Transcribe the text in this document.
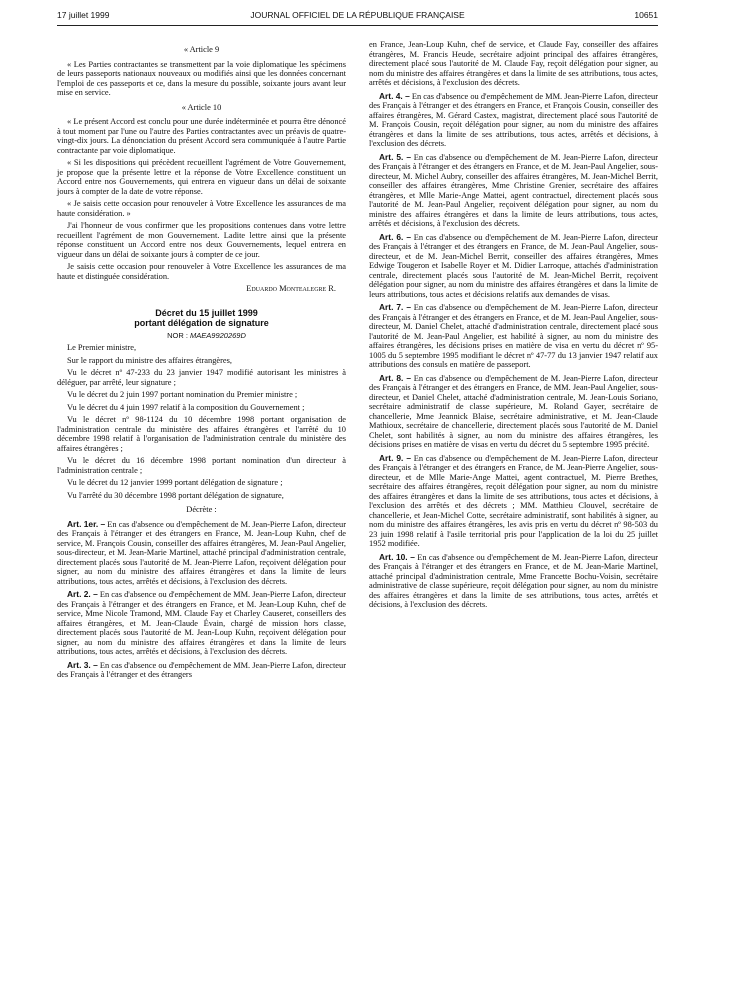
17 juillet 1999	JOURNAL OFFICIEL DE LA RÉPUBLIQUE FRANÇAISE	10651

« Article 9

« Les Parties contractantes se transmettent par la voie diplomatique les spécimens de leurs passeports nationaux nouveaux ou modifiés ainsi que les données concernant l'emploi de ces passeports et ce, dans la mesure du possible, soixante jours avant leur mise en service.

« Article 10

« Le présent Accord est conclu pour une durée indéterminée et pourra être dénoncé à tout moment par l'une ou l'autre des Parties contractantes avec un préavis de quatre-vingt-dix jours. La dénonciation du présent Accord sera communiquée à l'autre Partie contractante par voie diplomatique.

« Si les dispositions qui précèdent recueillent l'agrément de Votre Gouvernement, je propose que la présente lettre et la réponse de Votre Excellence constituent un Accord entre nos Gouvernements, qui entrera en vigueur dans un délai de soixante jours à compter de la date de votre réponse.

« Je saisis cette occasion pour renouveler à Votre Excellence les assurances de ma haute considération. »

J'ai l'honneur de vous confirmer que les propositions contenues dans votre lettre recueillent l'agrément de mon Gouvernement. Ladite lettre ainsi que la présente réponse constituent un Accord entre nos deux Gouvernements, lequel entrera en vigueur dans un délai de soixante jours à compter de ce jour.

Je saisis cette occasion pour renouveler à Votre Excellence les assurances de ma haute et distinguée considération.

Eduardo Montealegre R.

Décret du 15 juillet 1999
portant délégation de signature

NOR : MAEA9920269D

Le Premier ministre,

Sur le rapport du ministre des affaires étrangères,

Vu le décret nº 47-233 du 23 janvier 1947 modifié autorisant les ministres à déléguer, par arrêté, leur signature ;

Vu le décret du 2 juin 1997 portant nomination du Premier ministre ;

Vu le décret du 4 juin 1997 relatif à la composition du Gouvernement ;

Vu le décret nº 98-1124 du 10 décembre 1998 portant organisation de l'administration centrale du ministère des affaires étrangères et l'arrêté du 10 décembre 1998 relatif à l'organisation de l'administration centrale du ministère des affaires étrangères ;

Vu le décret du 16 décembre 1998 portant nomination d'un directeur à l'administration centrale ;

Vu le décret du 12 janvier 1999 portant délégation de signature ;

Vu l'arrêté du 30 décembre 1998 portant délégation de signature,

Décrète :

Art. 1er. – En cas d'absence ou d'empêchement de M. Jean-Pierre Lafon, directeur des Français à l'étranger et des étrangers en France, M. Jean-Loup Kuhn, chef de service, M. François Cousin, conseiller des affaires étrangères, M. Jean-Paul Angelier, sous-directeur, et M. Jean-Marie Martinel, attaché principal d'administration centrale, directement placés sous l'autorité de M. Jean-Pierre Lafon, reçoivent délégation pour signer, au nom du ministre des affaires étrangères et dans la limite de leurs attributions, tous actes, arrêtés et décisions, à l'exclusion des décrets.

Art. 2. – En cas d'absence ou d'empêchement de MM. Jean-Pierre Lafon, directeur des Français à l'étranger et des étrangers en France, et M. Jean-Loup Kuhn, chef de service, Mme Nicole Tramond, MM. Claude Fay et Charley Causeret, conseillers des affaires étrangères, et M. Jean-Claude Évain, chargé de mission hors classe, directement placés sous l'autorité de M. Jean-Loup Kuhn, reçoivent délégation pour signer, au nom du ministre des affaires étrangères et dans la limite de leurs attributions, tous actes, arrêtés et décisions, à l'exclusion des décrets.

Art. 3. – En cas d'absence ou d'empêchement de MM. Jean-Pierre Lafon, directeur des Français à l'étranger et des étrangers

en France, Jean-Loup Kuhn, chef de service, et Claude Fay, conseiller des affaires étrangères, M. Francis Heude, secrétaire adjoint principal des affaires étrangères, directement placé sous l'autorité de M. Claude Fay, reçoit délégation pour signer, au nom du ministre des affaires étrangères et dans la limite de ses attributions, tous actes, arrêtés et décisions, à l'exclusion des décrets.

Art. 4. – En cas d'absence ou d'empêchement de MM. Jean-Pierre Lafon, directeur des Français à l'étranger et des étrangers en France, et François Cousin, conseiller des affaires étrangères, M. Gérard Castex, magistrat, directement placé sous l'autorité de M. François Cousin, reçoit délégation pour signer, au nom du ministre des affaires étrangères et dans la limite de ses attributions, tous actes, arrêtés et décisions, à l'exclusion des décrets.

Art. 5. – En cas d'absence ou d'empêchement de M. Jean-Pierre Lafon, directeur des Français à l'étranger et des étrangers en France, et de M. Jean-Paul Angelier, sous-directeur, M. Michel Aubry, conseiller des affaires étrangères, M. Jean-Michel Berrit, conseiller des affaires étrangères, Mme Christine Grenier, secrétaire des affaires étrangères, et Mlle Marie-Ange Mattei, agent contractuel, directement placés sous l'autorité de M. Jean-Paul Angelier, reçoivent délégation pour signer, au nom du ministre des affaires étrangères et dans la limite de leurs attributions, tous actes, arrêtés et décisions, à l'exclusion des décrets.

Art. 6. – En cas d'absence ou d'empêchement de M. Jean-Pierre Lafon, directeur des Français à l'étranger et des étrangers en France, de M. Jean-Paul Angelier, sous-directeur, et de M. Jean-Michel Berrit, conseiller des affaires étrangères, Mmes Edwige Tougeron et Isabelle Royer et M. Didier Larroque, attachés d'administration centrale, directement placés sous l'autorité de M. Jean-Michel Berrit, reçoivent délégation pour signer, au nom du ministre des affaires étrangères et dans la limite de leurs attributions, tous actes et décisions relatifs aux demandes de visas.

Art. 7. – En cas d'absence ou d'empêchement de M. Jean-Pierre Lafon, directeur des Français à l'étranger et des étrangers en France, et de M. Jean-Paul Angelier, sous-directeur, M. Daniel Chelet, attaché d'administration centrale, directement placé sous l'autorité de M. Jean-Paul Angelier, est habilité à signer, au nom du ministre des affaires étrangères, les décisions prises en matière de visa en vertu du décret nº 95-1005 du 5 septembre 1995 modifiant le décret nº 47-77 du 13 janvier 1947 relatif aux attributions des consuls en matière de passeport.

Art. 8. – En cas d'absence ou d'empêchement de M. Jean-Pierre Lafon, directeur des Français à l'étranger et des étrangers en France, de MM. Jean-Paul Angelier, sous-directeur, et Daniel Chelet, attaché d'administration centrale, M. Jean-Louis Soriano, secrétaire administratif de classe supérieure, M. Roland Gayer, secrétaire de chancellerie, Mme Jeannick Blaise, secrétaire administrative, et M. Jean-Claude Mathioux, secrétaire de chancellerie, directement placés sous l'autorité de M. Daniel Chelet, sont habilités à signer, au nom du ministre des affaires étrangères, les décisions prises en matière de visas en vertu du décret du 5 septembre 1995 précité.

Art. 9. – En cas d'absence ou d'empêchement de M. Jean-Pierre Lafon, directeur des Français à l'étranger et des étrangers en France, de M. Jean-Pierre Angelier, sous-directeur, et de Mlle Marie-Ange Mattei, agent contractuel, M. Pierre Brethes, secrétaire des affaires étrangères, reçoit délégation pour signer, au nom du ministre des affaires étrangères et dans la limite de ses attributions, tous actes et décisions, à l'exclusion des arrêtés et des décrets ; MM. Matthieu Clouvel, secrétaire de chancellerie, et Jean-Michel Cotte, secrétaire administratif, sont habilités à signer, au nom du ministre des affaires étrangères, les avis pris en vertu du décret nº 98-503 du 23 juin 1998 relatif à l'asile territorial pris pour l'application de la loi du 25 juillet 1952 modifiée.

Art. 10. – En cas d'absence ou d'empêchement de M. Jean-Pierre Lafon, directeur des Français à l'étranger et des étrangers en France, et de M. Jean-Marie Martinel, attaché principal d'administration centrale, Mme Francette Bochu-Voisin, secrétaire administrative de classe supérieure, reçoit délégation pour signer, au nom du ministre des affaires étrangères et dans la limite de ses attributions, tous actes, arrêtés et décisions, à l'exclusion des décrets.
